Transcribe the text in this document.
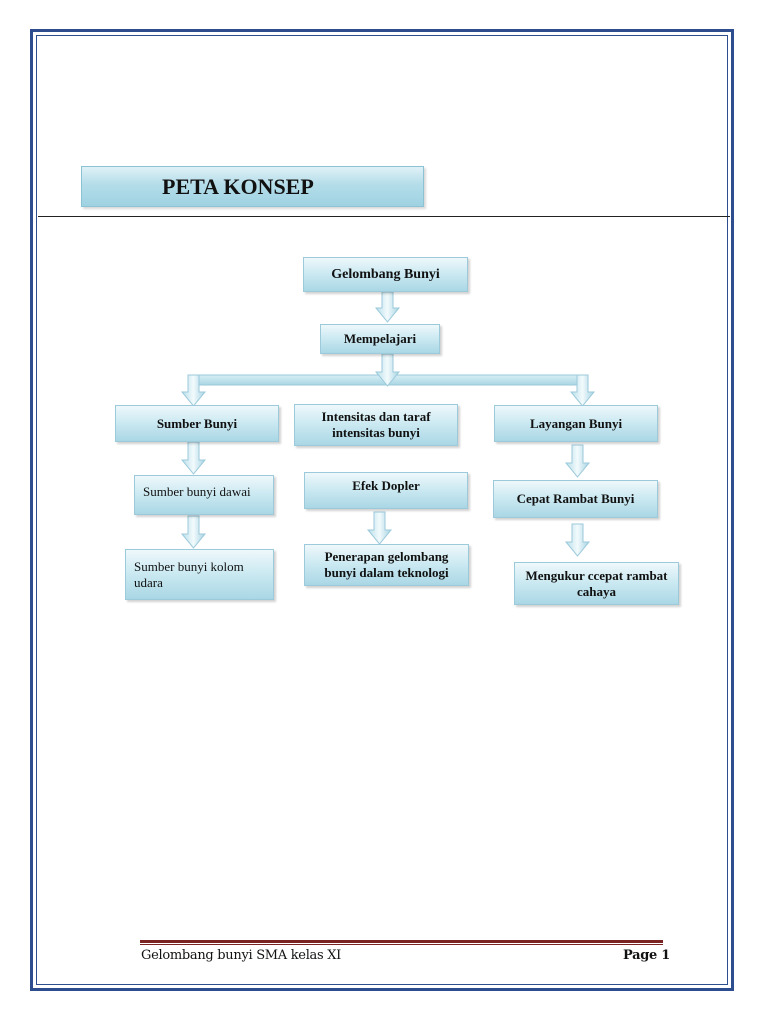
PETA KONSEP
Gelombang Bunyi
Mempelajari
Sumber Bunyi	Intensitas dan taraf intensitas bunyi
Layangan Bunyi
Sumber bunyi dawai
Sumber bunyi kolom udara
Efek Dopler
Penerapan gelombang bunyi dalam teknologi
Cepat Rambat Bunyi
Mengukur ccepat rambat cahaya
Gelombang bunyi SMA kelas XI	Page 1
